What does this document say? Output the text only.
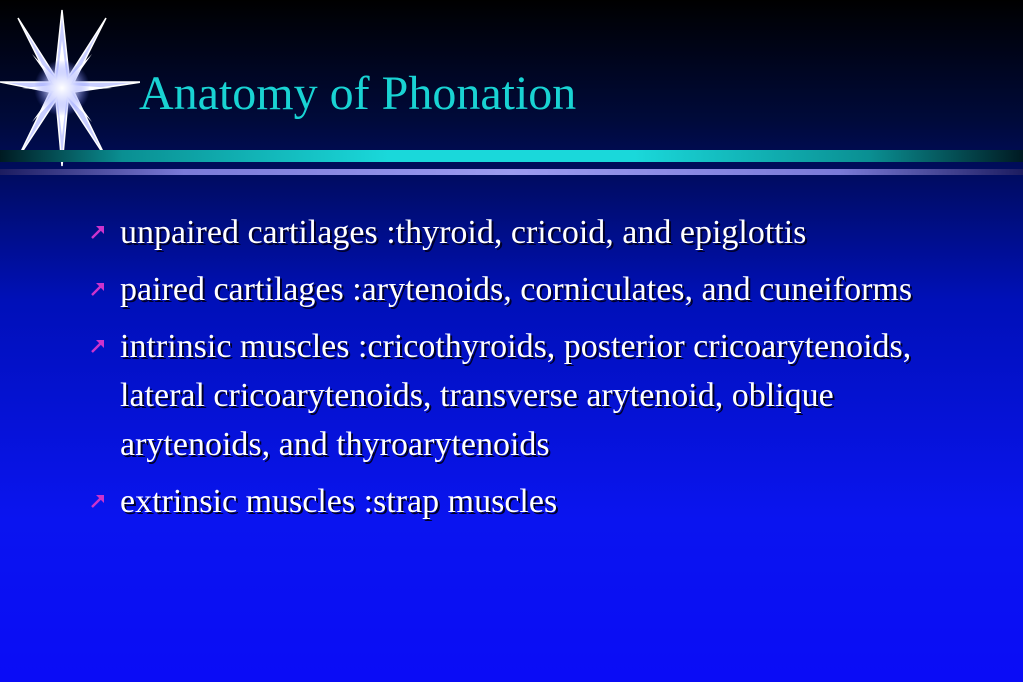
Anatomy of Phonation
unpaired cartilages :thyroid, cricoid, and epiglottis
paired cartilages :arytenoids, corniculates, and cuneiforms
intrinsic muscles :cricothyroids, posterior cricoarytenoids, lateral cricoarytenoids, transverse arytenoid, oblique arytenoids, and thyroarytenoids
extrinsic muscles :strap muscles
